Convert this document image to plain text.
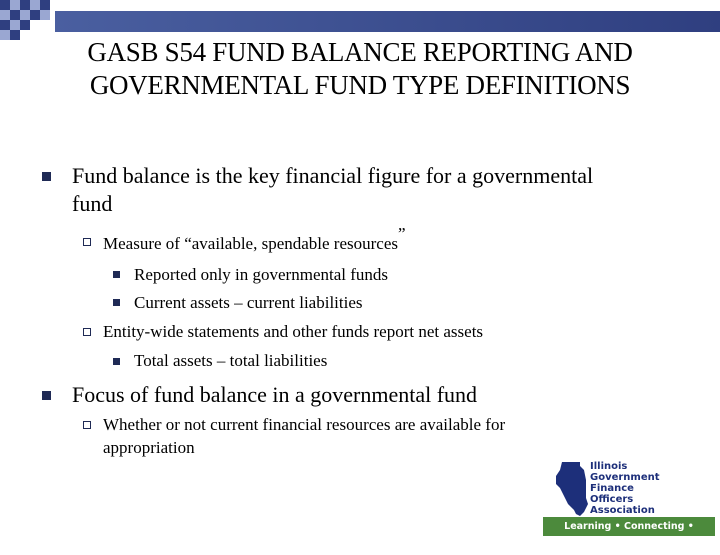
GASB S54 FUND BALANCE REPORTING AND
GOVERNMENTAL FUND TYPE DEFINITIONS
Fund balance is the key financial figure for a governmental
fund
Measure of “available, spendable resources”
Reported only in governmental funds
Current assets – current liabilities
Entity-wide statements and other funds report net assets
Total assets – total liabilities
Focus of fund balance in a governmental fund
Whether or not current financial resources are available for
appropriation
Illinois
Government
Finance
Officers
Association
Learning • Connecting • Progressing
